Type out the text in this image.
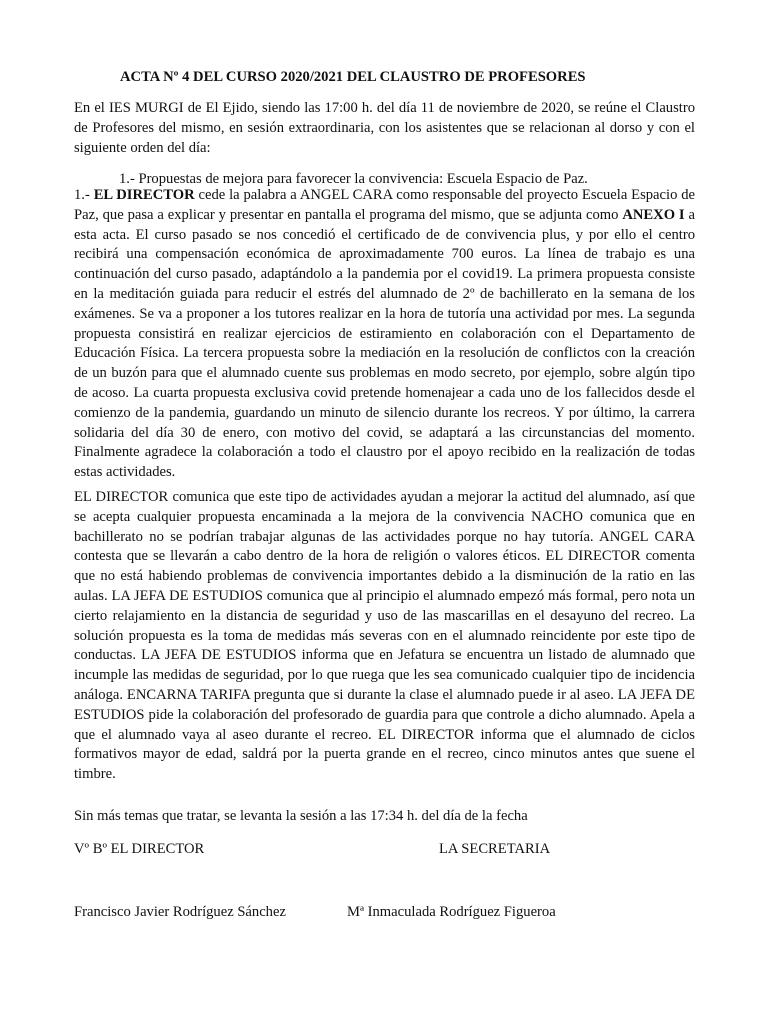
ACTA Nº 4 DEL CURSO 2020/2021 DEL CLAUSTRO DE PROFESORES

En el IES MURGI de El Ejido, siendo las 17:00 h. del día 11 de noviembre de 2020, se reúne el Claustro de Profesores del mismo, en sesión extraordinaria, con los asistentes que se relacionan al dorso y con el siguiente orden del día:

1.- Propuestas de mejora para favorecer la convivencia: Escuela Espacio de Paz.

1.- EL DIRECTOR cede la palabra a ANGEL CARA como responsable del proyecto Escuela Espacio de Paz, que pasa a explicar y presentar en pantalla el programa del mismo, que se adjunta como ANEXO I a esta acta. El curso pasado se nos concedió el certificado de de convivencia plus, y por ello el centro recibirá una compensación económica de aproximadamente 700 euros. La línea de trabajo es una continuación del curso pasado, adaptándolo a la pandemia por el covid19. La primera propuesta consiste en la meditación guiada para reducir el estrés del alumnado de 2º de bachillerato en la semana de los exámenes. Se va a proponer a los tutores realizar en la hora de tutoría una actividad por mes. La segunda propuesta consistirá en realizar ejercicios de estiramiento en colaboración con el Departamento de Educación Física. La tercera propuesta sobre la mediación en la resolución de conflictos con la creación de un buzón para que el alumnado cuente sus problemas en modo secreto, por ejemplo, sobre algún tipo de acoso. La cuarta propuesta exclusiva covid pretende homenajear a cada uno de los fallecidos desde el comienzo de la pandemia, guardando un minuto de silencio durante los recreos. Y por último, la carrera solidaria del día 30 de enero, con motivo del covid, se adaptará a las circunstancias del momento. Finalmente agradece la colaboración a todo el claustro por el apoyo recibido en la realización de todas estas actividades.

EL DIRECTOR comunica que este tipo de actividades ayudan a mejorar la actitud del alumnado, así que se acepta cualquier propuesta encaminada a la mejora de la convivencia NACHO comunica que en bachillerato no se podrían trabajar algunas de las actividades porque no hay tutoría. ANGEL CARA contesta que se llevarán a cabo dentro de la hora de religión o valores éticos. EL DIRECTOR comenta que no está habiendo problemas de convivencia importantes debido a la disminución de la ratio en las aulas. LA JEFA DE ESTUDIOS comunica que al principio el alumnado empezó más formal, pero nota un cierto relajamiento en la distancia de seguridad y uso de las mascarillas en el desayuno del recreo. La solución propuesta es la toma de medidas más severas con en el alumnado reincidente por este tipo de conductas. LA JEFA DE ESTUDIOS informa que en Jefatura se encuentra un listado de alumnado que incumple las medidas de seguridad, por lo que ruega que les sea comunicado cualquier tipo de incidencia análoga. ENCARNA TARIFA pregunta que si durante la clase el alumnado puede ir al aseo. LA JEFA DE ESTUDIOS pide la colaboración del profesorado de guardia para que controle a dicho alumnado. Apela a que el alumnado vaya al aseo durante el recreo. EL DIRECTOR informa que el alumnado de ciclos formativos mayor de edad, saldrá por la puerta grande en el recreo, cinco minutos antes que suene el timbre.

Sin más temas que tratar, se levanta la sesión a las 17:34 h. del día de la fecha
Vº Bº EL DIRECTOR	LA SECRETARIA
Francisco Javier Rodríguez Sánchez	Mª Inmaculada Rodríguez Figueroa
